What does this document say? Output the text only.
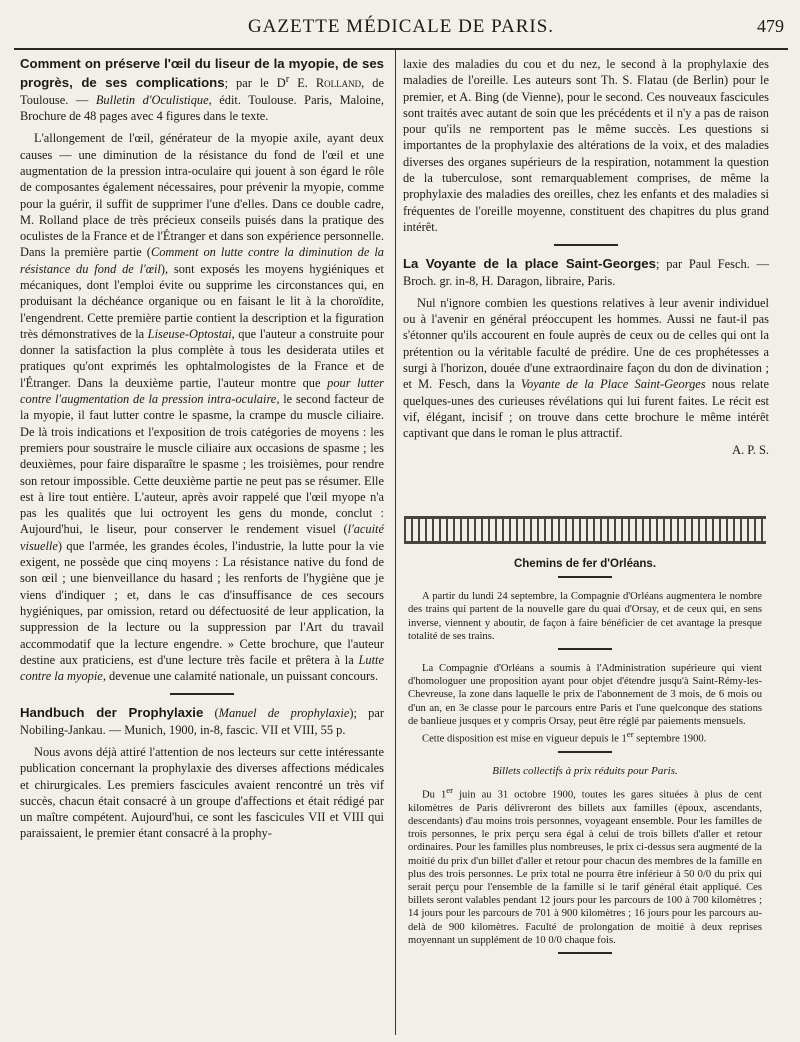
GAZETTE MÉDICALE DE PARIS.	479

Comment on préserve l'œil du liseur de la myopie, de ses progrès, de ses complications; par le $D^r$ E. Rolland, de Toulouse. — Bulletin d'Oculistique, édit. Toulouse. Paris, Maloine, Brochure de 48 pages avec 4 figures dans le texte.

L'allongement de l'œil, générateur de la myopie axile, ayant deux causes — une diminution de la résistance du fond de l'œil et une augmentation de la pression intra-oculaire qui jouent à son égard le rôle de composantes également nécessaires, pour prévenir la myopie, comme pour la guérir, il suffit de supprimer l'une d'elles. Dans ce double cadre, M. Rolland place de très précieux conseils puisés dans la pratique des oculistes de la France et de l'Étranger et dans son expérience personnelle. Dans la première partie (Comment on lutte contre la diminution de la résistance du fond de l'œil), sont exposés les moyens hygiéniques et mécaniques, dont l'emploi évite ou supprime les circonstances qui, en produisant la déchéance organique ou en faisant le lit à la choroïdite, l'engendrent. Cette première partie contient la description et la figuration très démonstratives de la Liseuse-Optostai, que l'auteur a construite pour donner la satisfaction la plus complète à tous les desiderata utiles et pratiques qu'ont exprimés les ophtalmologistes de la France et de l'Étranger. Dans la deuxième partie, l'auteur montre que pour lutter contre l'augmentation de la pression intra-oculaire, le second facteur de la myopie, il faut lutter contre le spasme, la crampe du muscle ciliaire. De là trois indications et l'exposition de trois catégories de moyens : les premiers pour soustraire le muscle ciliaire aux occasions de spasme ; les deuxièmes, pour faire disparaître le spasme ; les troisièmes, pour rendre son retour impossible. Cette deuxième partie ne peut pas se résumer. Elle est à lire tout entière. L'auteur, après avoir rappelé que l'œil myope n'a pas les qualités que lui octroyent les gens du monde, conclut : Aujourd'hui, le liseur, pour conserver le rendement visuel (l'acuité visuelle) que l'armée, les grandes écoles, l'industrie, la lutte pour la vie exigent, ne possède que cinq moyens : La résistance native du fond de son œil ; une bienveillance du hasard ; les renforts de l'hygiène que je viens d'indiquer ; et, dans le cas d'insuffisance de ces secours hygiéniques, par omission, retard ou défectuosité de leur application, la suppression de la lecture ou la suppression par l'Art du travail accommodatif que la lecture engendre. » Cette brochure, que l'auteur destine aux praticiens, est d'une lecture très facile et prêtera à la Lutte contre la myopie, devenue une calamité nationale, un puissant concours.

Handbuch der Prophylaxie (Manuel de prophylaxie); par Nobiling-Jankau. — Munich, 1900, in-8, fascic. VII et VIII, 55 p.

Nous avons déjà attiré l'attention de nos lecteurs sur cette intéressante publication concernant la prophylaxie des diverses affections médicales et chirurgicales. Les premiers fascicules avaient rencontré un très vif succès, chacun était consacré à un groupe d'affections et était rédigé par un maître compétent. Aujourd'hui, ce sont les fascicules VII et VIII qui paraissaient, le premier étant consacré à la prophy-

laxie des maladies du cou et du nez, le second à la prophylaxie des maladies de l'oreille. Les auteurs sont Th. S. Flatau (de Berlin) pour le premier, et A. Bing (de Vienne), pour le second. Ces nouveaux fascicules sont traités avec autant de soin que les précédents et il n'y a pas de raison pour qu'ils ne remportent pas le même succès. Les questions si importantes de la prophylaxie des altérations de la voix, et des maladies diverses des organes supérieurs de la respiration, notamment la question de la tuberculose, sont remarquablement comprises, de même la prophylaxie des maladies des oreilles, chez les enfants et des maladies si fréquentes de l'oreille moyenne, constituent des chapitres du plus grand intérêt.

La Voyante de la place Saint-Georges; par Paul Fesch. — Broch. gr. in-8, H. Daragon, libraire, Paris.

Nul n'ignore combien les questions relatives à leur avenir individuel ou à l'avenir en général préoccupent les hommes. Aussi ne faut-il pas s'étonner qu'ils accourent en foule auprès de ceux ou de celles qui ont la prétention ou la véritable faculté de prédire. Une de ces prophétesses a surgi à l'horizon, douée d'une extraordinaire façon du don de divination ; et M. Fesch, dans la Voyante de la Place Saint-Georges nous relate quelques-unes des curieuses révélations qui lui furent faites. Le récit est vif, élégant, incisif ; on trouve dans cette brochure le même intérêt captivant que dans le roman le plus attractif.

A. P. S.

Chemins de fer d'Orléans.

A partir du lundi 24 septembre, la Compagnie d'Orléans augmentera le nombre des trains qui partent de la nouvelle gare du quai d'Orsay, et de ceux qui, en sens inverse, viennent y aboutir, de façon à faire bénéficier de cet avantage la presque totalité de ses trains.

La Compagnie d'Orléans a soumis à l'Administration supérieure qui vient d'homologuer une proposition ayant pour objet d'étendre jusqu'à Saint-Rémy-les-Chevreuse, la zone dans laquelle le prix de l'abonnement de 3 mois, de 6 mois ou d'un an, en 3e classe pour le parcours entre Paris et l'une quelconque des stations de banlieue jusques et y compris Orsay, peut être réglé par paiements mensuels.

Cette disposition est mise en vigueur depuis le 1er septembre 1900.

Billets collectifs à prix réduits pour Paris.

Du 1er juin au 31 octobre 1900, toutes les gares situées à plus de cent kilomètres de Paris délivreront des billets aux familles (époux, ascendants, descendants) d'au moins trois personnes, voyageant ensemble. Pour les familles de trois personnes, le prix perçu sera égal à celui de trois billets d'aller et retour ordinaires. Pour les familles plus nombreuses, le prix ci-dessus sera augmenté de la moitié du prix d'un billet d'aller et retour pour chacun des membres de la famille en plus des trois personnes. Le prix total ne pourra être inférieur à 50 0/0 du prix qui serait perçu pour l'ensemble de la famille si le tarif général était appliqué. Ces billets seront valables pendant 12 jours pour les parcours de 100 à 700 kilomètres ; 14 jours pour les parcours de 701 à 900 kilomètres ; 16 jours pour les parcours au-delà de 900 kilomètres. Faculté de prolongation de moitié à deux reprises moyennant un supplément de 10 0/0 chaque fois.
